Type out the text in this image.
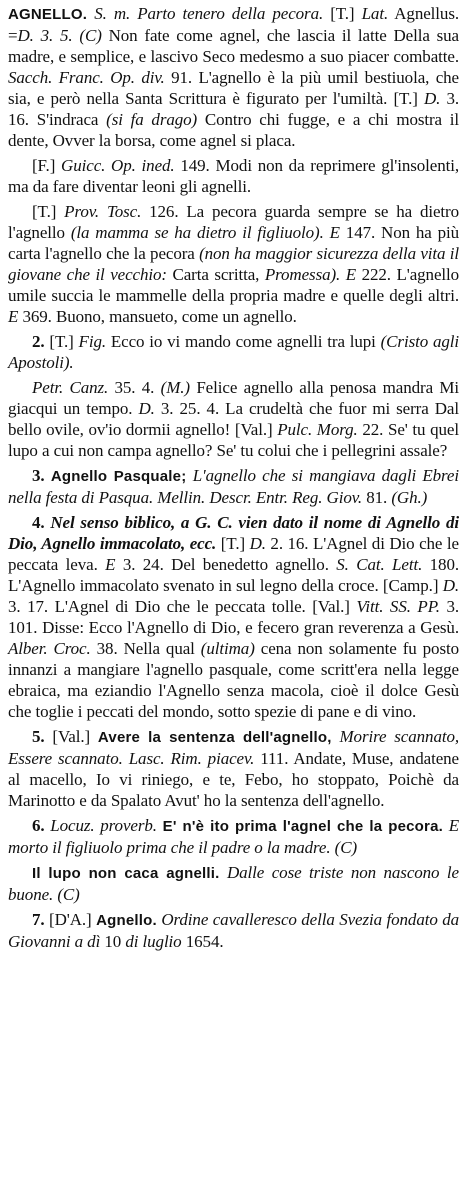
AGNELLO. S. m. Parto tenero della pecora. [T.] Lat. Agnellus. =D. 3. 5. (C) Non fate come agnel, che lascia il latte Della sua madre, e semplice, e lascivo Seco medesmo a suo piacer combatte. Sacch. Franc. Op. div. 91. L'agnello è la più umil bestiuola, che sia, e però nella Santa Scrittura è figurato per l'umiltà. [T.] D. 3. 16. S'indraca (si fa drago) Contro chi fugge, e a chi mostra il dente, Ovver la borsa, come agnel si placa.

[F.] Guicc. Op. ined. 149. Modi non da reprimere gl'insolenti, ma da fare diventar leoni gli agnelli.

[T.] Prov. Tosc. 126. La pecora guarda sempre se ha dietro l'agnello (la mamma se ha dietro il figliuolo). E 147. Non ha più carta l'agnello che la pecora (non ha maggior sicurezza della vita il giovane che il vecchio: Carta scritta, Promessa). E 222. L'agnello umile succia le mammelle della propria madre e quelle degli altri. E 369. Buono, mansueto, come un agnello.

2. [T.] Fig. Ecco io vi mando come agnelli tra lupi (Cristo agli Apostoli).

Petr. Canz. 35. 4. (M.) Felice agnello alla penosa mandra Mi giacqui un tempo. D. 3. 25. 4. La crudeltà che fuor mi serra Dal bello ovile, ov'io dormii agnello! [Val.] Pulc. Morg. 22. Se' tu quel lupo a cui non campa agnello? Se' tu colui che i pellegrini assale?

3. Agnello Pasquale; L'agnello che si mangiava dagli Ebrei nella festa di Pasqua. Mellin. Descr. Entr. Reg. Giov. 81. (Gh.)

4. Nel senso biblico, a G. C. vien dato il nome di Agnello di Dio, Agnello immacolato, ecc. [T.] D. 2. 16. L'Agnel di Dio che le peccata leva. E 3. 24. Del benedetto agnello. S. Cat. Lett. 180. L'Agnello immacolato svenato in sul legno della croce. [Camp.] D. 3. 17. L'Agnel di Dio che le peccata tolle. [Val.] Vitt. SS. PP. 3. 101. Disse: Ecco l'Agnello di Dio, e fecero gran reverenza a Gesù. Alber. Croc. 38. Nella qual (ultima) cena non solamente fu posto innanzi a mangiare l'agnello pasquale, come scritt'era nella legge ebraica, ma eziandio l'Agnello senza macola, cioè il dolce Gesù che toglie i peccati del mondo, sotto spezie di pane e di vino.

5. [Val.] Avere la sentenza dell'agnello, Morire scannato, Essere scannato. Lasc. Rim. piacev. 111. Andate, Muse, andatene al macello, Io vi riniego, e te, Febo, ho stoppato, Poichè da Marinotto e da Spalato Avut' ho la sentenza dell'agnello.

6. Locuz. proverb. E' n'è ito prima l'agnel che la pecora. E morto il figliuolo prima che il padre o la madre. (C)

Il lupo non caca agnelli. Dalle cose triste non nascono le buone. (C)

7. [D'A.] Agnello. Ordine cavalleresco della Svezia fondato da Giovanni a dì 10 di luglio 1654.
